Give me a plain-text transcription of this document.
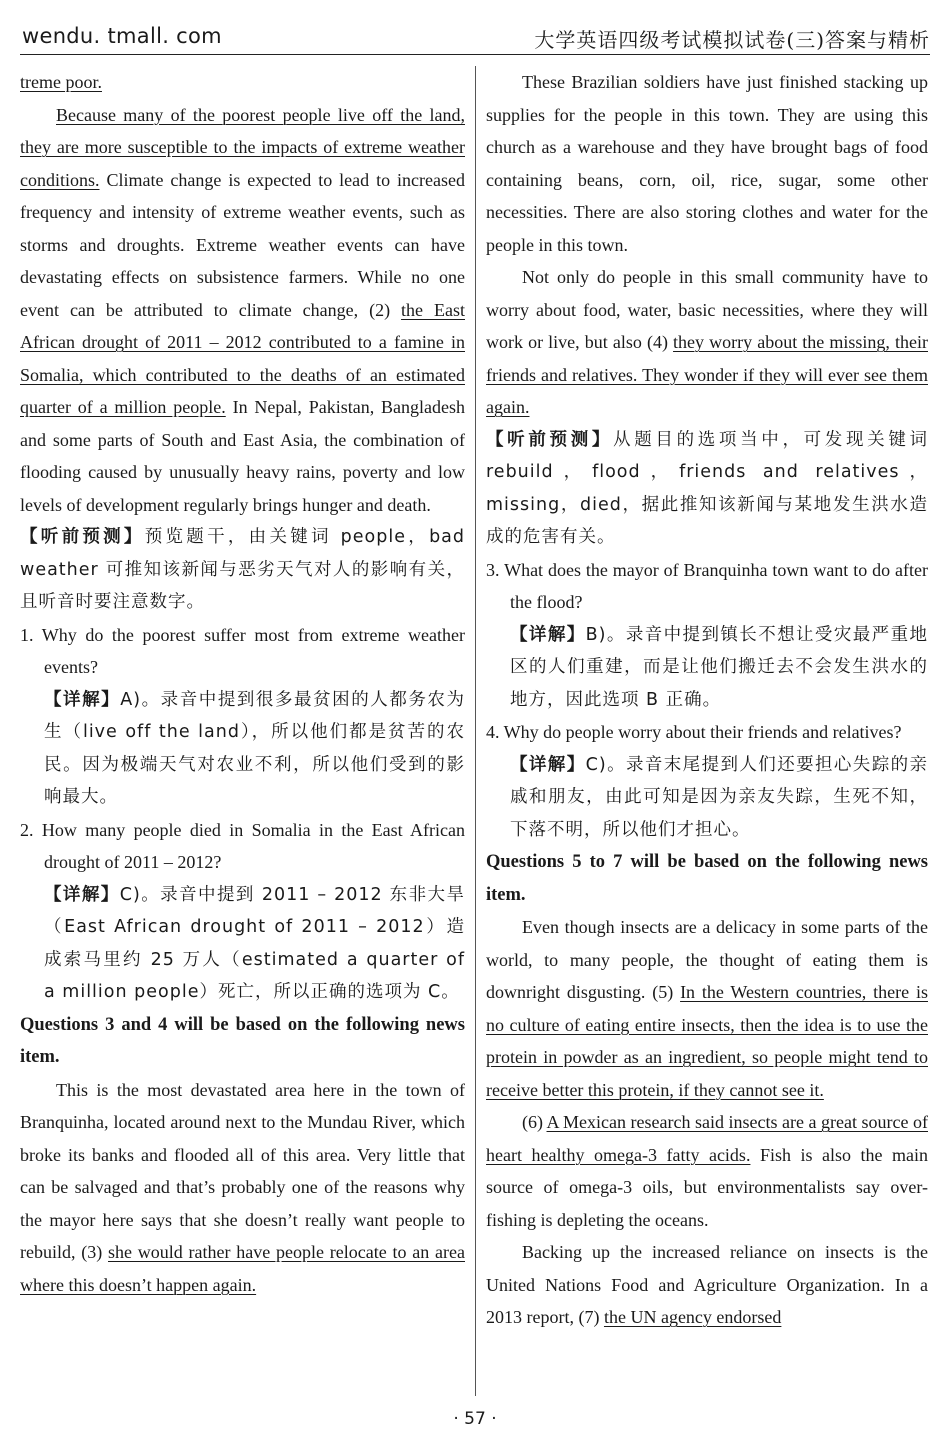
wendu. tmall. com	大学英语四级考试模拟试卷(三)答案与精析

treme poor.

Because many of the poorest people live off the land, they are more susceptible to the impacts of extreme weather conditions. Climate change is expected to lead to increased frequency and intensity of extreme weather events, such as storms and droughts. Extreme weather events can have devastating effects on subsistence farmers. While no one event can be attributed to climate change, (2) the East African drought of 2011 – 2012 contributed to a famine in Somalia, which contributed to the deaths of an estimated quarter of a million people. In Nepal, Pakistan, Bangladesh and some parts of South and East Asia, the combination of flooding caused by unusually heavy rains, poverty and low levels of development regularly brings hunger and death.

【听前预测】预览题干，由关键词 people，bad weather 可推知该新闻与恶劣天气对人的影响有关，且听音时要注意数字。

1. Why do the poorest suffer most from extreme weather events?

【详解】A)。录音中提到很多最贫困的人都务农为生（live off the land），所以他们都是贫苦的农民。因为极端天气对农业不利，所以他们受到的影响最大。

2. How many people died in Somalia in the East African drought of 2011 – 2012?

【详解】C)。录音中提到 2011 – 2012 东非大旱（East African drought of 2011 – 2012）造成索马里约 25 万人（estimated a quarter of a million people）死亡，所以正确的选项为 C。

Questions 3 and 4 will be based on the following news item.

This is the most devastated area here in the town of Branquinha, located around next to the Mundau River, which broke its banks and flooded all of this area. Very little that can be salvaged and that’s probably one of the reasons why the mayor here says that she doesn’t really want people to rebuild, (3) she would rather have people relocate to an area where this doesn’t happen again.

These Brazilian soldiers have just finished stacking up supplies for the people in this town. They are using this church as a warehouse and they have brought bags of food containing beans, corn, oil, rice, sugar, some other necessities. There are also storing clothes and water for the people in this town.

Not only do people in this small community have to worry about food, water, basic necessities, where they will work or live, but also (4) they worry about the missing, their friends and relatives. They wonder if they will ever see them again.

【听前预测】从题目的选项当中，可发现关键词 rebuild，flood，friends and relatives，missing，died，据此推知该新闻与某地发生洪水造成的危害有关。

3. What does the mayor of Branquinha town want to do after the flood?

【详解】B)。录音中提到镇长不想让受灾最严重地区的人们重建，而是让他们搬迁去不会发生洪水的地方，因此选项 B 正确。

4. Why do people worry about their friends and relatives?

【详解】C)。录音末尾提到人们还要担心失踪的亲戚和朋友，由此可知是因为亲友失踪，生死不知，下落不明，所以他们才担心。

Questions 5 to 7 will be based on the following news item.

Even though insects are a delicacy in some parts of the world, to many people, the thought of eating them is downright disgusting. (5) In the Western countries, there is no culture of eating entire insects, then the idea is to use the protein in powder as an ingredient, so people might tend to receive better this protein, if they cannot see it.

(6) A Mexican research said insects are a great source of heart healthy omega-3 fatty acids. Fish is also the main source of omega-3 oils, but environmentalists say over-fishing is depleting the oceans.

Backing up the increased reliance on insects is the United Nations Food and Agriculture Organization. In a 2013 report, (7) the UN agency endorsed

· 57 ·
